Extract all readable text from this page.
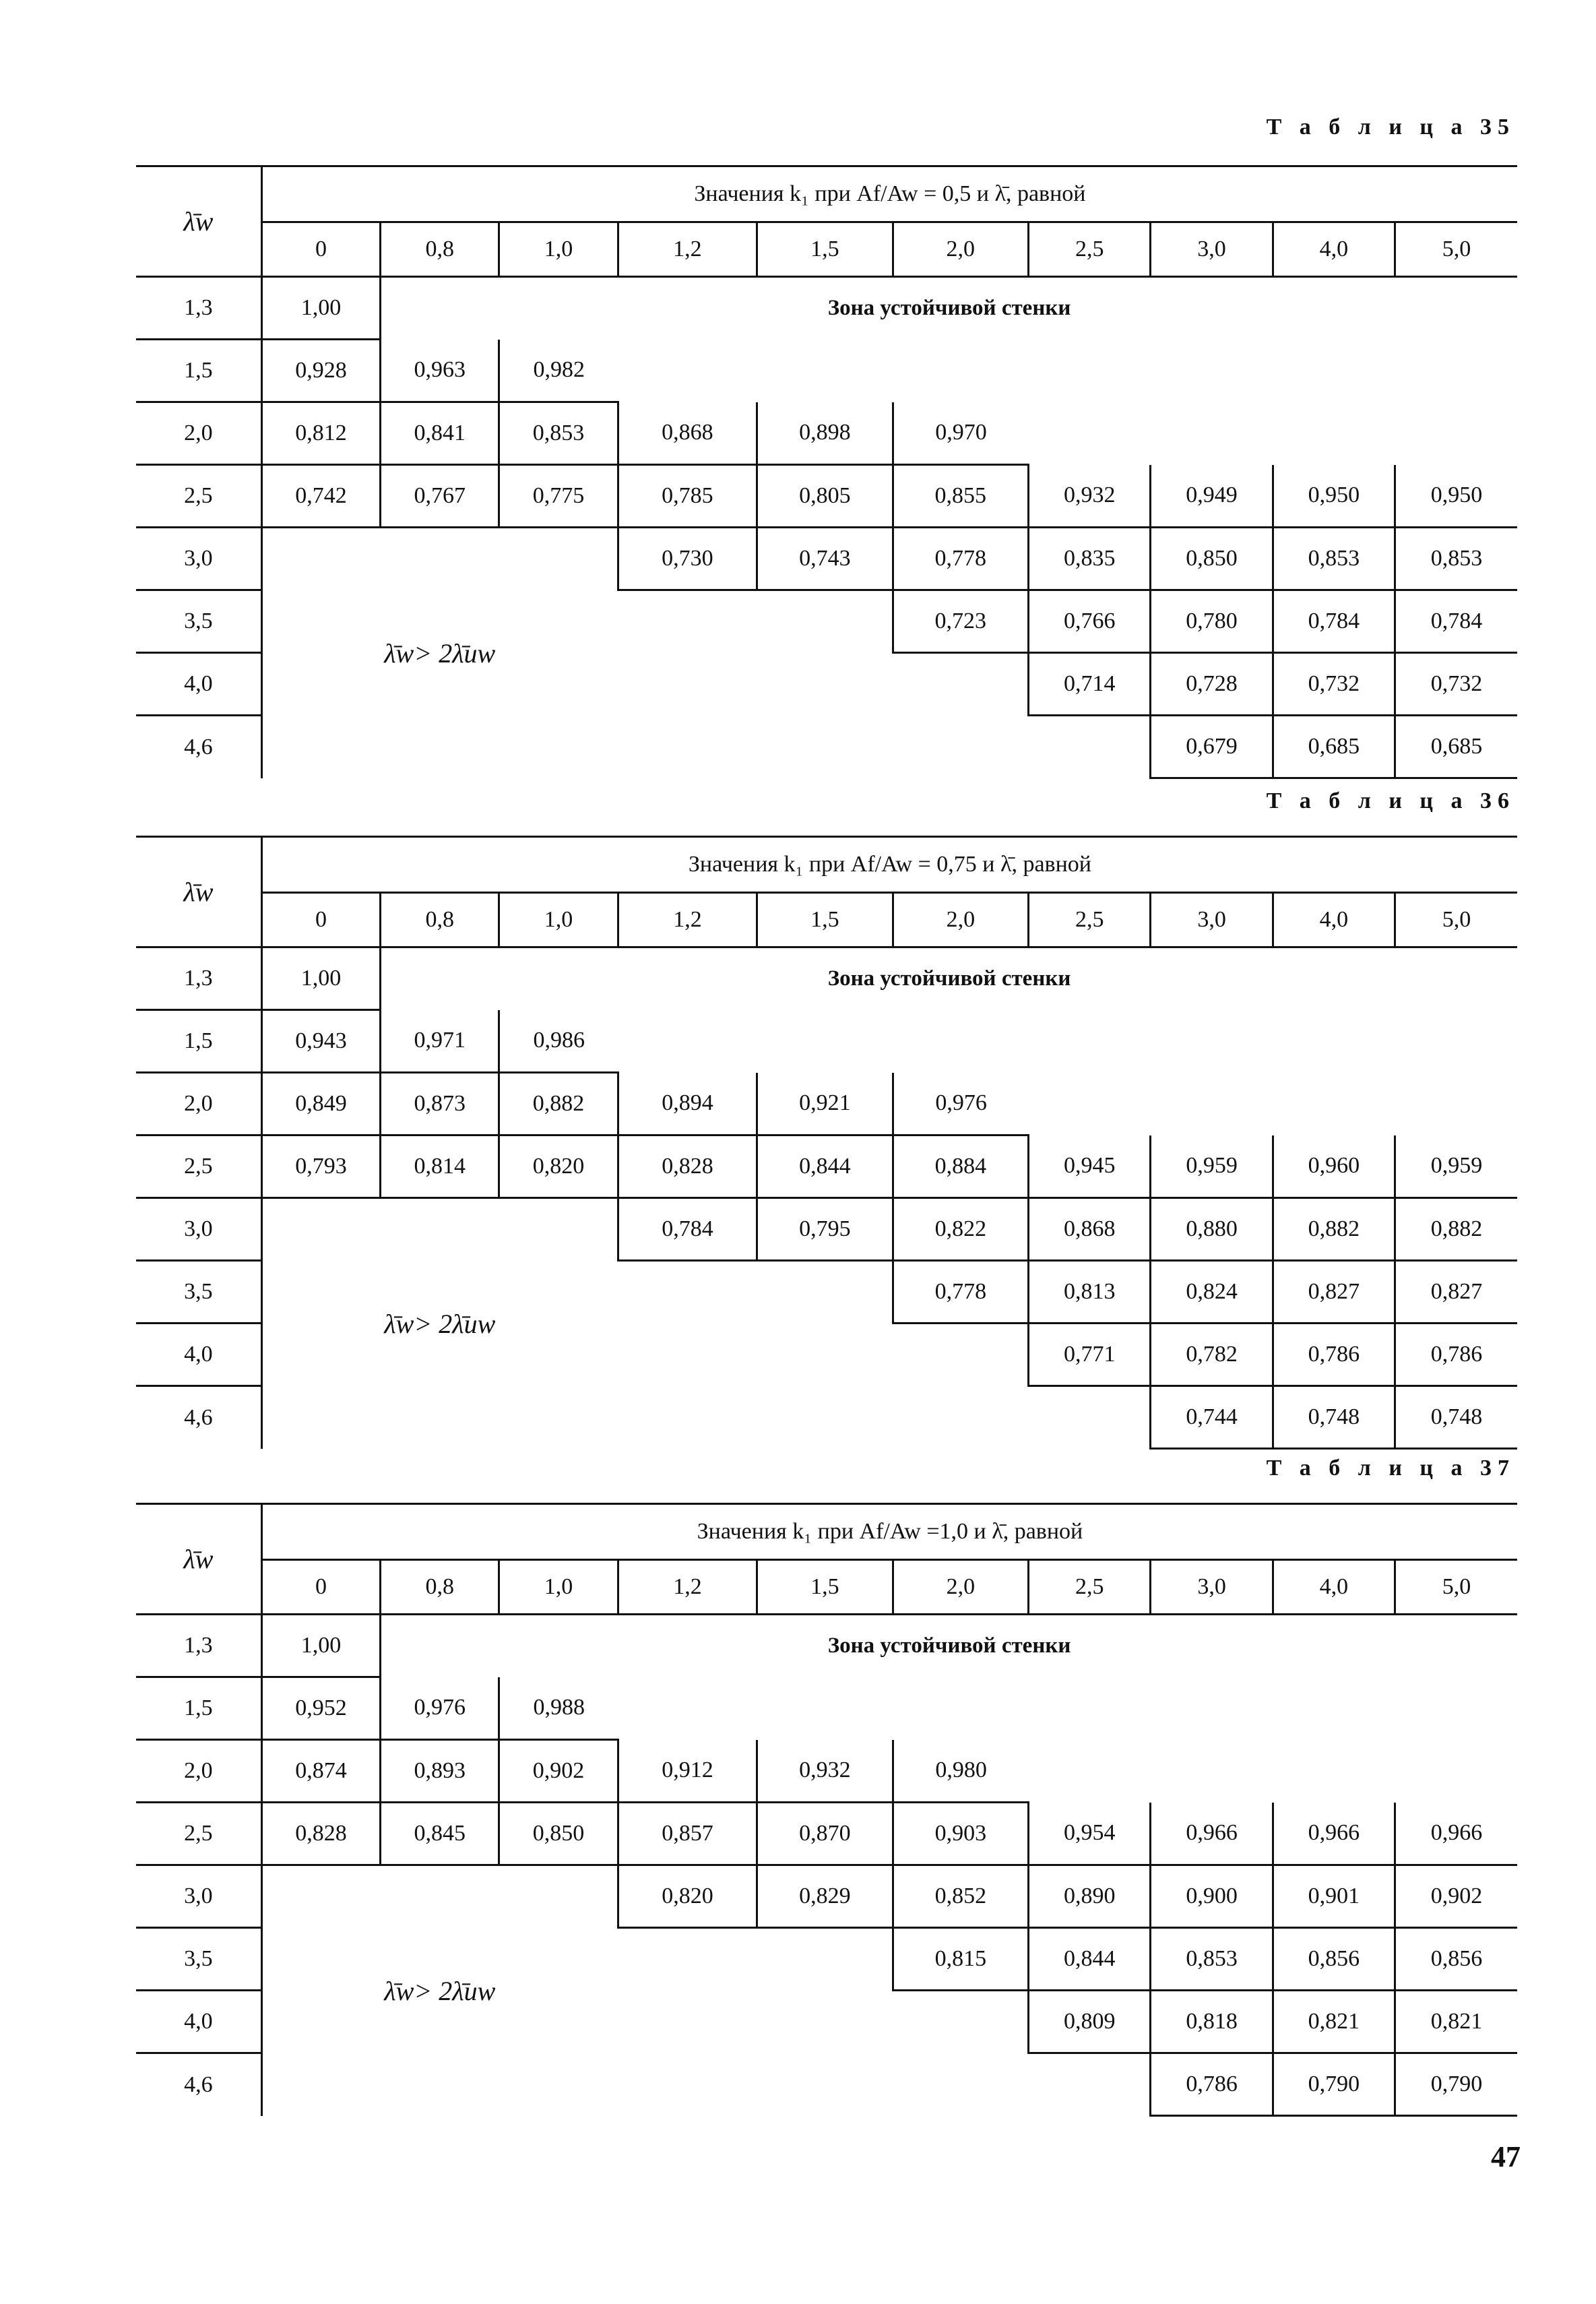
Т а б л и ц а 35
λ̄w	Значения k₁ при Af/Aw = 0,5 и λ̄, равной									
	0	0,8	1,0	1,2	1,5	2,0	2,5	3,0	4,0	5,0
1,3	1,00	Зона устойчивой стенки								
1,5	0,928	0,963	0,982							
2,0	0,812	0,841	0,853	0,868	0,898	0,970				
2,5	0,742	0,767	0,775	0,785	0,805	0,855	0,932	0,949	0,950	0,950
3,0	λ̄w> 2λ̄uw			0,730	0,743	0,778	0,835	0,850	0,853	0,853
3,5						0,723	0,766	0,780	0,784	0,784
4,0							0,714	0,728	0,732	0,732
4,6								0,679	0,685	0,685
Т а б л и ц а 36
λ̄w	Значения k₁ при Af/Aw = 0,75 и λ̄, равной									
	0	0,8	1,0	1,2	1,5	2,0	2,5	3,0	4,0	5,0
1,3	1,00	Зона устойчивой стенки								
1,5	0,943	0,971	0,986							
2,0	0,849	0,873	0,882	0,894	0,921	0,976				
2,5	0,793	0,814	0,820	0,828	0,844	0,884	0,945	0,959	0,960	0,959
3,0	λ̄w> 2λ̄uw			0,784	0,795	0,822	0,868	0,880	0,882	0,882
3,5						0,778	0,813	0,824	0,827	0,827
4,0							0,771	0,782	0,786	0,786
4,6								0,744	0,748	0,748
Т а б л и ц а 37
λ̄w	Значения k₁ при Af/Aw =1,0 и λ̄, равной									
	0	0,8	1,0	1,2	1,5	2,0	2,5	3,0	4,0	5,0
1,3	1,00	Зона устойчивой стенки								
1,5	0,952	0,976	0,988							
2,0	0,874	0,893	0,902	0,912	0,932	0,980				
2,5	0,828	0,845	0,850	0,857	0,870	0,903	0,954	0,966	0,966	0,966
3,0	λ̄w> 2λ̄uw			0,820	0,829	0,852	0,890	0,900	0,901	0,902
3,5						0,815	0,844	0,853	0,856	0,856
4,0							0,809	0,818	0,821	0,821
4,6								0,786	0,790	0,790
47
